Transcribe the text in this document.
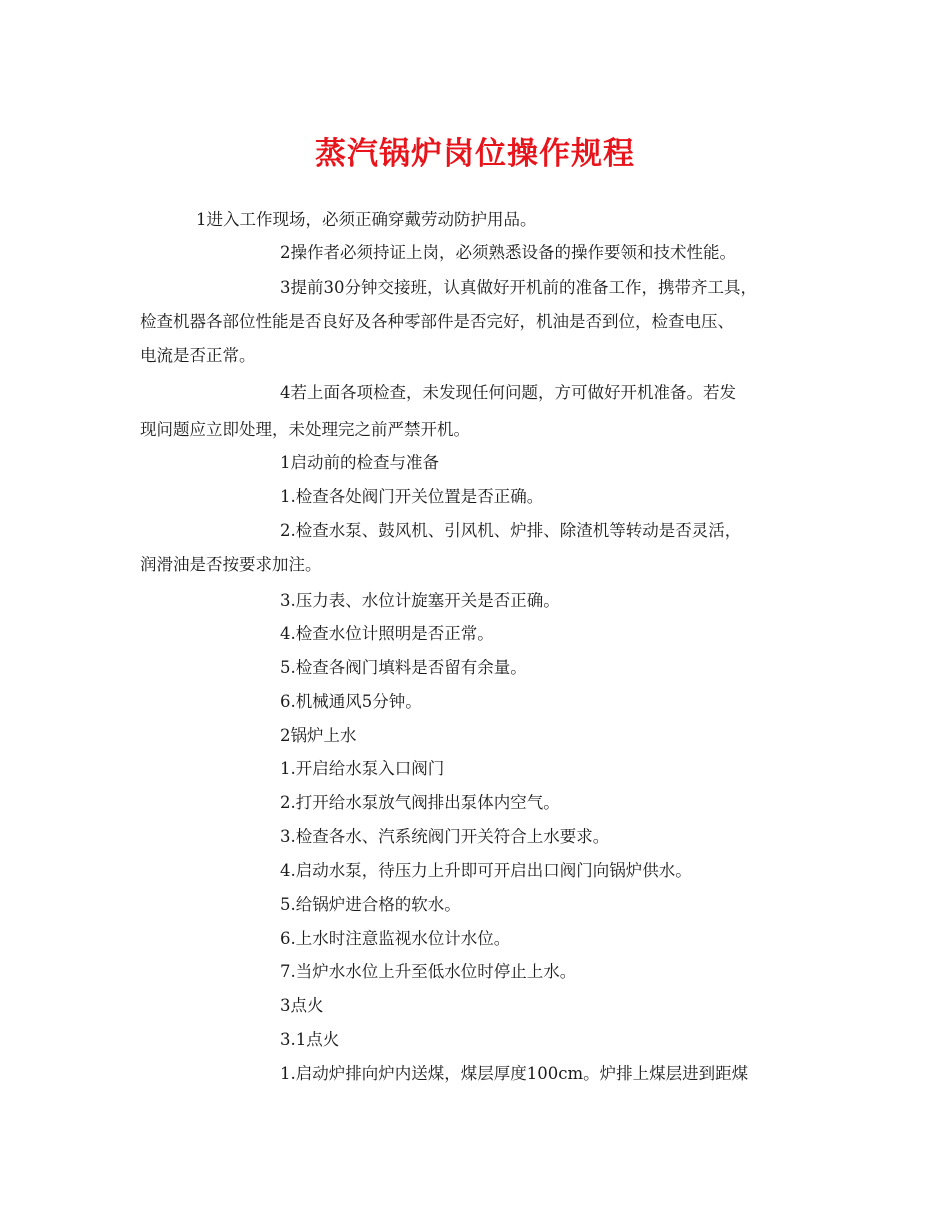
蒸汽锅炉岗位操作规程
1进入工作现场，必须正确穿戴劳动防护用品。
2操作者必须持证上岗，必须熟悉设备的操作要领和技术性能。
3提前30分钟交接班，认真做好开机前的准备工作，携带齐工具，
检查机器各部位性能是否良好及各种零部件是否完好，机油是否到位，检查电压、
电流是否正常。
4若上面各项检查，未发现任何问题，方可做好开机准备。若发
现问题应立即处理，未处理完之前严禁开机。
1启动前的检查与准备
1.检查各处阀门开关位置是否正确。
2.检查水泵、鼓风机、引风机、炉排、除渣机等转动是否灵活，
润滑油是否按要求加注。
3.压力表、水位计旋塞开关是否正确。
4.检查水位计照明是否正常。
5.检查各阀门填料是否留有余量。
6.机械通风5分钟。
2锅炉上水
1.开启给水泵入口阀门
2.打开给水泵放气阀排出泵体内空气。
3.检查各水、汽系统阀门开关符合上水要求。
4.启动水泵，待压力上升即可开启出口阀门向锅炉供水。
5.给锅炉进合格的软水。
6.上水时注意监视水位计水位。
7.当炉水水位上升至低水位时停止上水。
3点火
3.1点火
1.启动炉排向炉内送煤，煤层厚度100cm。炉排上煤层进到距煤
